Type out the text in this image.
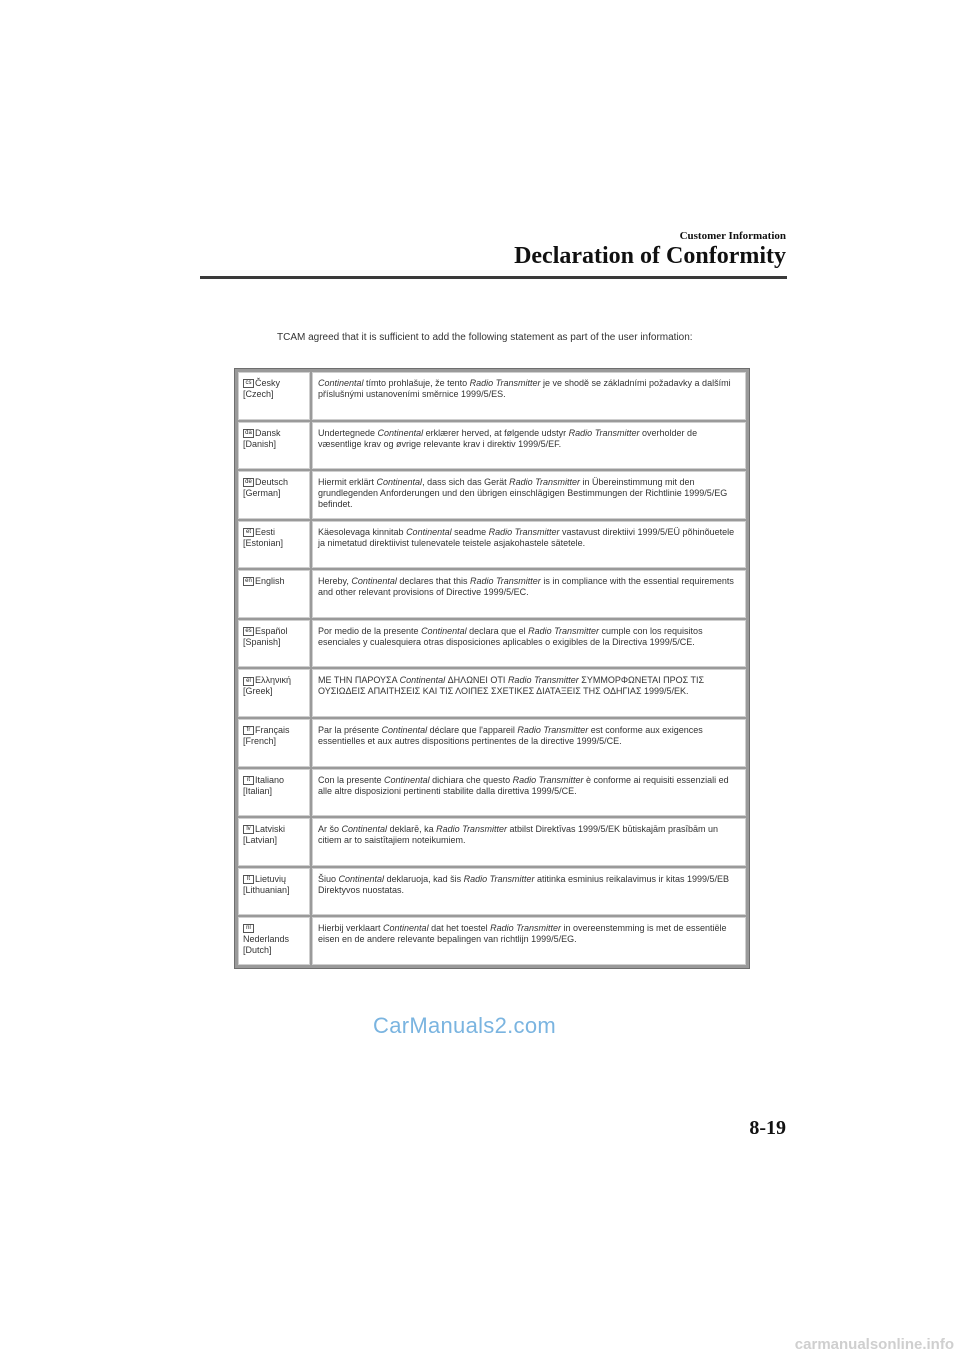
Customer Information
Declaration of Conformity
TCAM agreed that it is sufficient to add the following statement as part of the user information:
cs Česky
[Czech]
Continental tímto prohlašuje, že tento Radio Transmitter je ve shodě se základními požadavky a dalšími příslušnými ustanoveními směrnice 1999/5/ES.
da Dansk
[Danish]
Undertegnede Continental erklærer herved, at følgende udstyr Radio Transmitter overholder de væsentlige krav og øvrige relevante krav i direktiv 1999/5/EF.
de Deutsch
[German]
Hiermit erklärt Continental, dass sich das Gerät Radio Transmitter in Übereinstimmung mit den grundlegenden Anforderungen und den übrigen einschlägigen Bestimmungen der Richtlinie 1999/5/EG befindet.
et Eesti
[Estonian]
Käesolevaga kinnitab Continental seadme Radio Transmitter vastavust direktiivi 1999/5/EÜ põhinõuetele ja nimetatud direktiivist tulenevatele teistele asjakohastele sätetele.
en English	Hereby, Continental declares that this Radio Transmitter is in compliance with the essential requirements and other relevant provisions of Directive 1999/5/EC.
es Español
[Spanish]
Por medio de la presente Continental declara que el Radio Transmitter cumple con los requisitos esenciales y cualesquiera otras disposiciones aplicables o exigibles de la Directiva 1999/5/CE.
el Ελληνική
[Greek]
ΜΕ ΤΗΝ ΠΑΡΟΥΣΑ Continental ΔΗΛΩΝΕΙ ΟΤΙ Radio Transmitter ΣΥΜΜΟΡΦΩΝΕΤΑΙ ΠΡΟΣ ΤΙΣ ΟΥΣΙΩΔΕΙΣ ΑΠΑΙΤΗΣΕΙΣ ΚΑΙ ΤΙΣ ΛΟΙΠΕΣ ΣΧΕΤΙΚΕΣ ΔΙΑΤΑΞΕΙΣ ΤΗΣ ΟΔΗΓΙΑΣ 1999/5/ΕΚ.
fr Français
[French]
Par la présente Continental déclare que l'appareil Radio Transmitter est conforme aux exigences essentielles et aux autres dispositions pertinentes de la directive 1999/5/CE.
it Italiano
[Italian]
Con la presente Continental dichiara che questo Radio Transmitter è conforme ai requisiti essenziali ed alle altre disposizioni pertinenti stabilite dalla direttiva 1999/5/CE.
lv Latviski
[Latvian]
Ar šo Continental deklarē, ka Radio Transmitter atbilst Direktīvas 1999/5/EK būtiskajām prasībām un citiem ar to saistītajiem noteikumiem.
lt Lietuvių
[Lithuanian]
Šiuo Continental deklaruoja, kad šis Radio Transmitter atitinka esminius reikalavimus ir kitas 1999/5/EB Direktyvos nuostatas.
nl
Nederlands
[Dutch]
Hierbij verklaart Continental dat het toestel Radio Transmitter in overeenstemming is met de essentiële eisen en de andere relevante bepalingen van richtlijn 1999/5/EG.
CarManuals2.com
8-19
carmanualsonline.info
